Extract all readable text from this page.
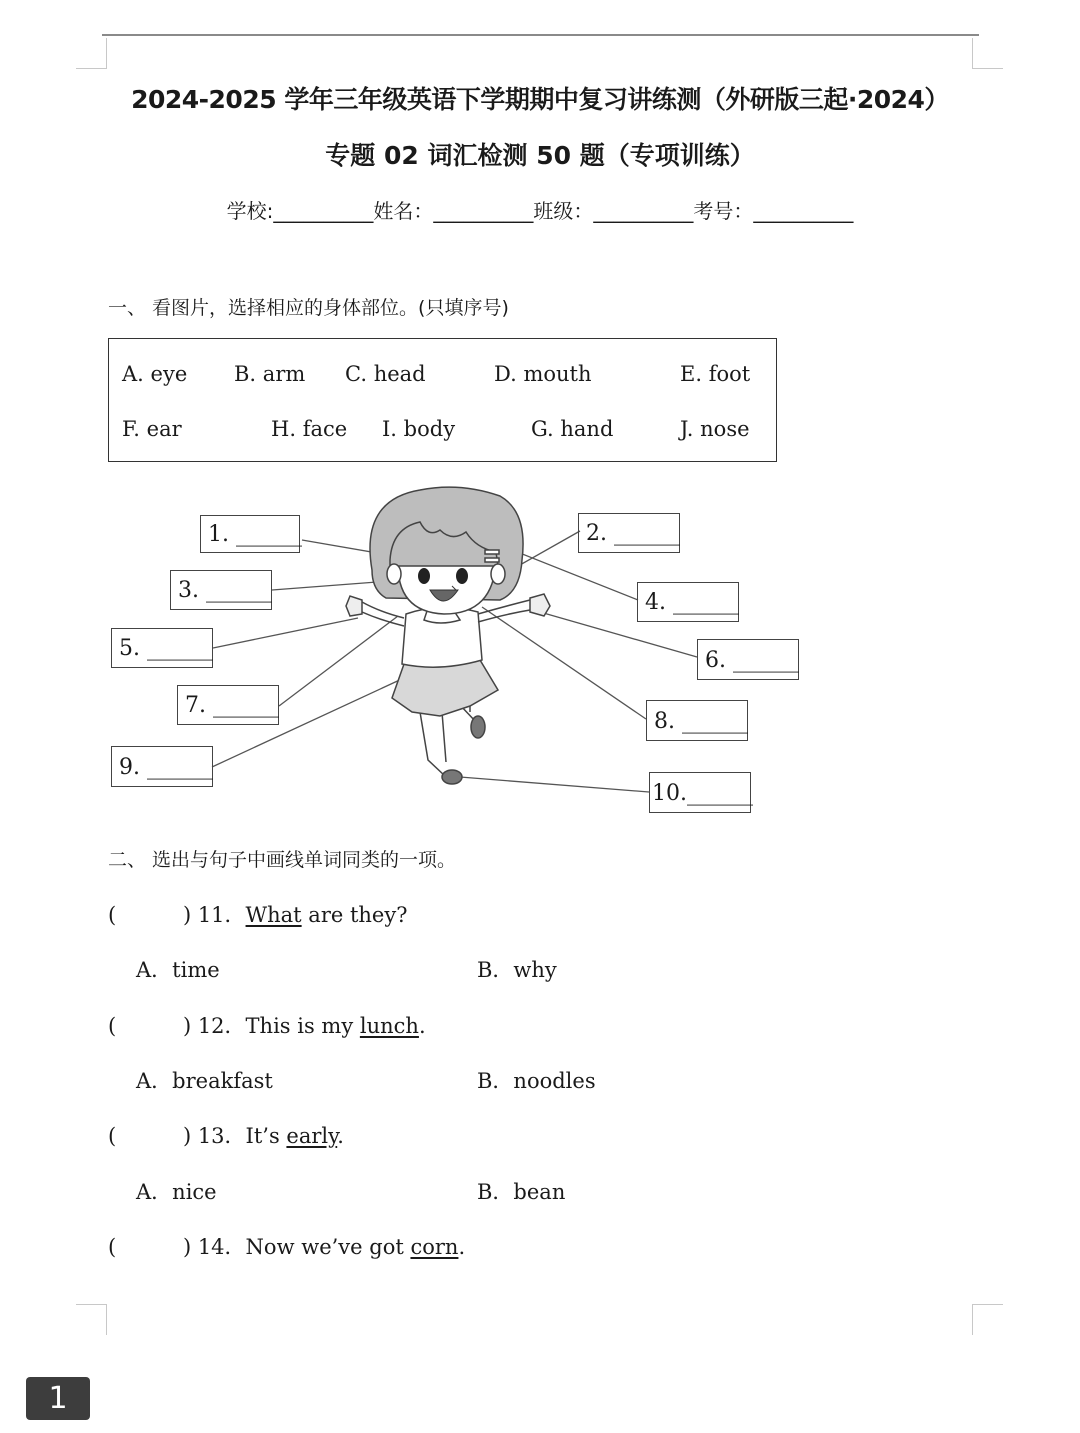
2024-2025 学年三年级英语下学期期中复习讲练测（外研版三起·2024）
专题 02 词汇检测 50 题（专项训练）
学校:__________姓名：__________班级：__________考号：__________
一、 看图片，选择相应的身体部位。(只填序号)
A. eye B. arm C. head	D. mouth	E. foot
F. ear	H. face I. body	G. hand	J. nose
1. ______	2. ______
3. ______	4. ______
5. ______	6. ______
7. ______
8. ______
9. ______
10.______
二、 选出与句子中画线单词同类的一项。
(          ) 11．What are they?
A．time	B．why
(          ) 12．This is my lunch.
A．breakfast	B．noodles
(          ) 13．It’s early.
A．nice	B．bean
(          ) 14．Now we’ve got corn.
1
